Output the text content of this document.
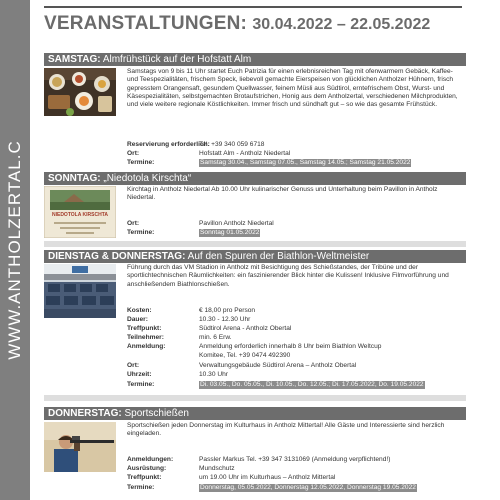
WWW.ANTHOLZERTAL.C
VERANSTALTUNGEN: 30.04.2022 – 22.05.2022
SAMSTAG: Almfrühstück auf der Hofstatt Alm
Samstags von 9 bis 11 Uhr startet Euch Patrizia für einen erlebnisreichen Tag mit ofenwarmem Gebäck, Kaffee- und Teespezialitäten, frischem Speck, liebevoll gemachte Eierspeisen von glücklichen Antholzer Hühnern, frisch gepresstem Orangensaft, gesundem Quellwasser, feinem Müsli aus Südtirol, erntefrischem Obst, Wurst- und Käsespezialitäten, selbstgemachten Brotaufstrichen, Honig aus dem Antholzertal, verschiedenen Milchprodukten, und viele weitere regionale Köstlichkeiten. Immer frisch und sündhaft gut – so wie das gesamte Frühstück.
Reservierung erforderlich:
Tel. +39 340 059 6718
Ort:	Hofstatt Alm - Antholz Niedertal
Termine:	Samstag 30.04., Samstag 07.05., Samstag 14.05.; Samstag 21.05.2022
SONNTAG: „Niedotola Kirschta“
NIEDOTOLA KIRSCHTA
Kirchtag in Antholz Niedertal Ab 10.00 Uhr kulinarischer Genuss und Unterhaltung beim Pavillon in Antholz Niedertal.
Ort:	Pavillon Antholz Niedertal
Termine:	Sonntag 01.05.2022
DIENSTAG & DONNERSTAG: Auf den Spuren der Biathlon-Weltmeister
Führung durch das VM Stadion in Antholz mit Besichtigung des Schießstandes, der Tribüne und der sportlichtechnischen Räumlichkeiten: ein faszinierender Blick hinter die Kulissen! Inklusive Filmvorführung und anschließendem Biathlonschießen.
Kosten:	€ 18,00 pro Person
Dauer:	10.30 - 12.30 Uhr
Treffpunkt:	Südtirol Arena - Antholz Obertal
Teilnehmer:	min. 6 Erw.
Anmeldung:	Anmeldung erforderlich innerhalb 8 Uhr beim Biathlon Weltcup
Komitee, Tel. +39 0474 492390
Ort:	Verwaltungsgebäude Südtirol Arena – Antholz Obertal
Uhrzeit:	10.30 Uhr
Termine:	Di. 03.05., Do. 05.05., Di. 10.05., Do. 12.05.; Di. 17.05.2022, Do. 19.05.2022
DONNERSTAG: Sportschießen
Sportschießen jeden Donnerstag im Kulturhaus in Antholz Mittertal! Alle Gäste und Interessierte sind herzlich eingeladen.
Anmeldungen:	Passler Markus Tel. +39 347 3131069 (Anmeldung verpflichtend!)
Ausrüstung:	Mundschutz
Treffpunkt:	um 19.00 Uhr im Kulturhaus – Antholz Mittertal
Termine:	Donnerstag, 05.05.2022, Donnerstag 12.05.2022, Donnerstag 19.05.2022
